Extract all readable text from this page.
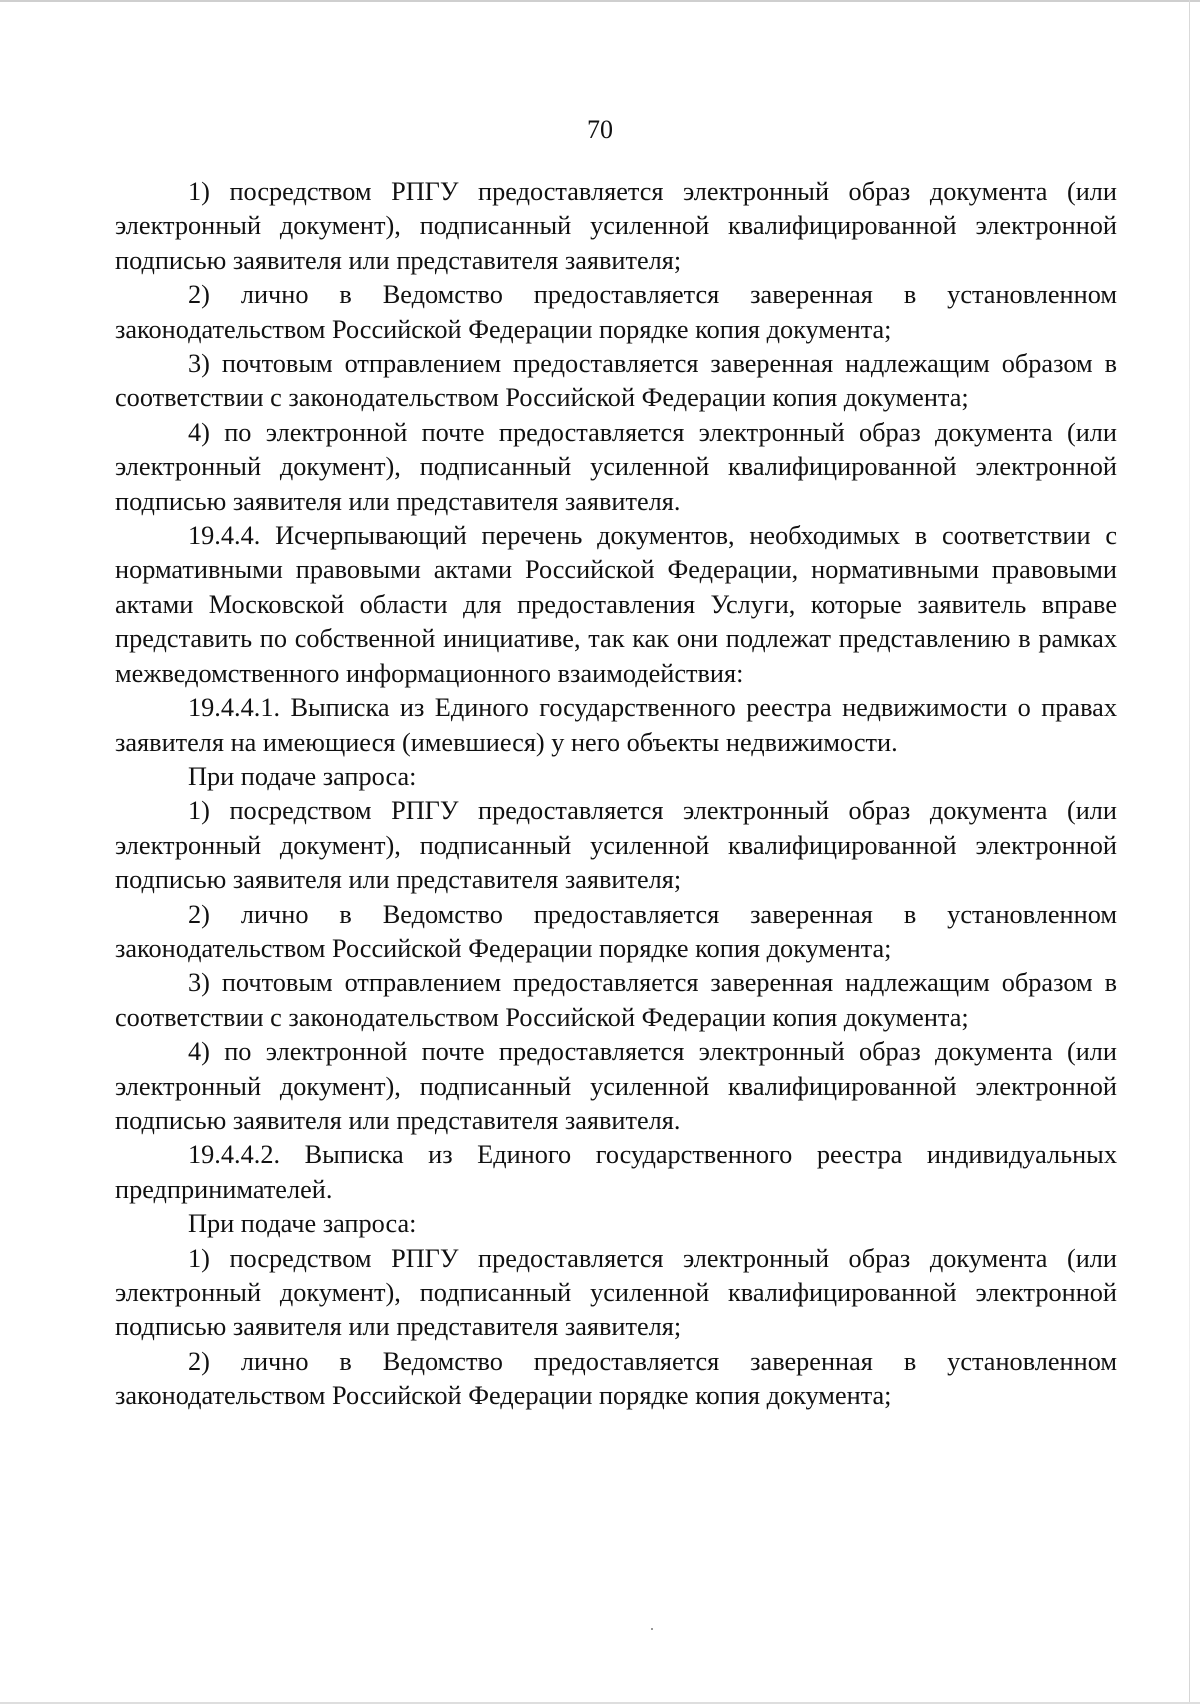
70

1) посредством РПГУ предоставляется электронный образ документа (или электронный документ), подписанный усиленной квалифицированной электронной подписью заявителя или представителя заявителя;

2) лично в Ведомство предоставляется заверенная в установленном законодательством Российской Федерации порядке копия документа;

3) почтовым отправлением предоставляется заверенная надлежащим образом в соответствии с законодательством Российской Федерации копия документа;

4) по электронной почте предоставляется электронный образ документа (или электронный документ), подписанный усиленной квалифицированной электронной подписью заявителя или представителя заявителя.

19.4.4. Исчерпывающий перечень документов, необходимых в соответствии с нормативными правовыми актами Российской Федерации, нормативными правовыми актами Московской области для предоставления Услуги, которые заявитель вправе представить по собственной инициативе, так как они подлежат представлению в рамках межведомственного информационного взаимодействия:

19.4.4.1. Выписка из Единого государственного реестра недвижимости о правах заявителя на имеющиеся (имевшиеся) у него объекты недвижимости.

При подаче запроса:

1) посредством РПГУ предоставляется электронный образ документа (или электронный документ), подписанный усиленной квалифицированной электронной подписью заявителя или представителя заявителя;

2) лично в Ведомство предоставляется заверенная в установленном законодательством Российской Федерации порядке копия документа;

3) почтовым отправлением предоставляется заверенная надлежащим образом в соответствии с законодательством Российской Федерации копия документа;

4) по электронной почте предоставляется электронный образ документа (или электронный документ), подписанный усиленной квалифицированной электронной подписью заявителя или представителя заявителя.

19.4.4.2. Выписка из Единого государственного реестра индивидуальных предпринимателей.

При подаче запроса:

1) посредством РПГУ предоставляется электронный образ документа (или электронный документ), подписанный усиленной квалифицированной электронной подписью заявителя или представителя заявителя;

2) лично в Ведомство предоставляется заверенная в установленном законодательством Российской Федерации порядке копия документа;
